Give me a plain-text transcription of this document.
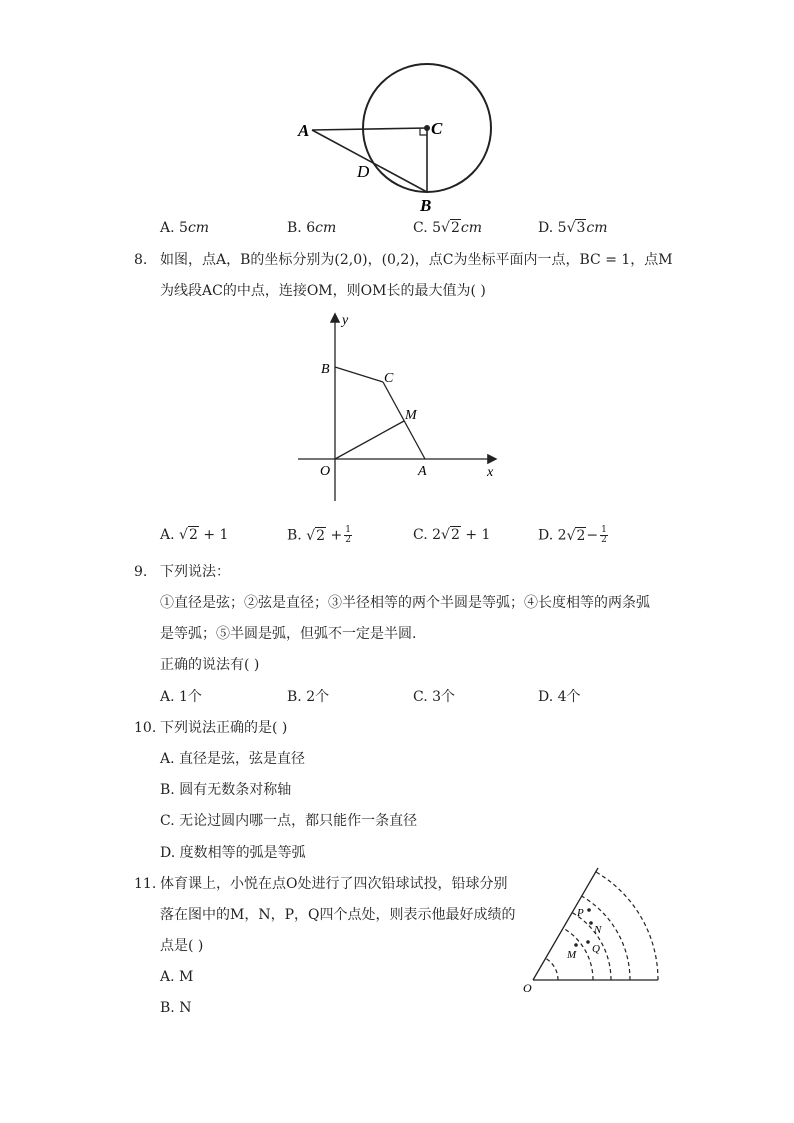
A	C
D
B
A. 5cm	B. 6cm	C. 5√2cm	D. 5√3cm
8. 如图，点A，B的坐标分别为(2,0)，(0,2)，点C为坐标平面内一点，BC = 1，点M
为线段AC的中点，连接OM，则OM长的最大值为( )
y
x
B
C
M
O	A
A. √2 + 1	B. $√2 + \frac{1}{2}$	C. 2√2 + 1	D. $2√2- \frac{1}{2}$
9. 下列说法：
①直径是弦；②弦是直径；③半径相等的两个半圆是等弧；④长度相等的两条弧
是等弧；⑤半圆是弧，但弧不一定是半圆.
正确的说法有( )
A. 1个	B. 2个	C. 3个	D. 4个
10. 下列说法正确的是( )
A. 直径是弦，弦是直径
B. 圆有无数条对称轴
C. 无论过圆内哪一点，都只能作一条直径
D. 度数相等的弧是等弧
11. 体育课上，小悦在点O处进行了四次铅球试投，铅球分别
落在图中的M，N，P，Q四个点处，则表示他最好成绩的
点是( )
A. M
B. N
O
P
N
M Q
